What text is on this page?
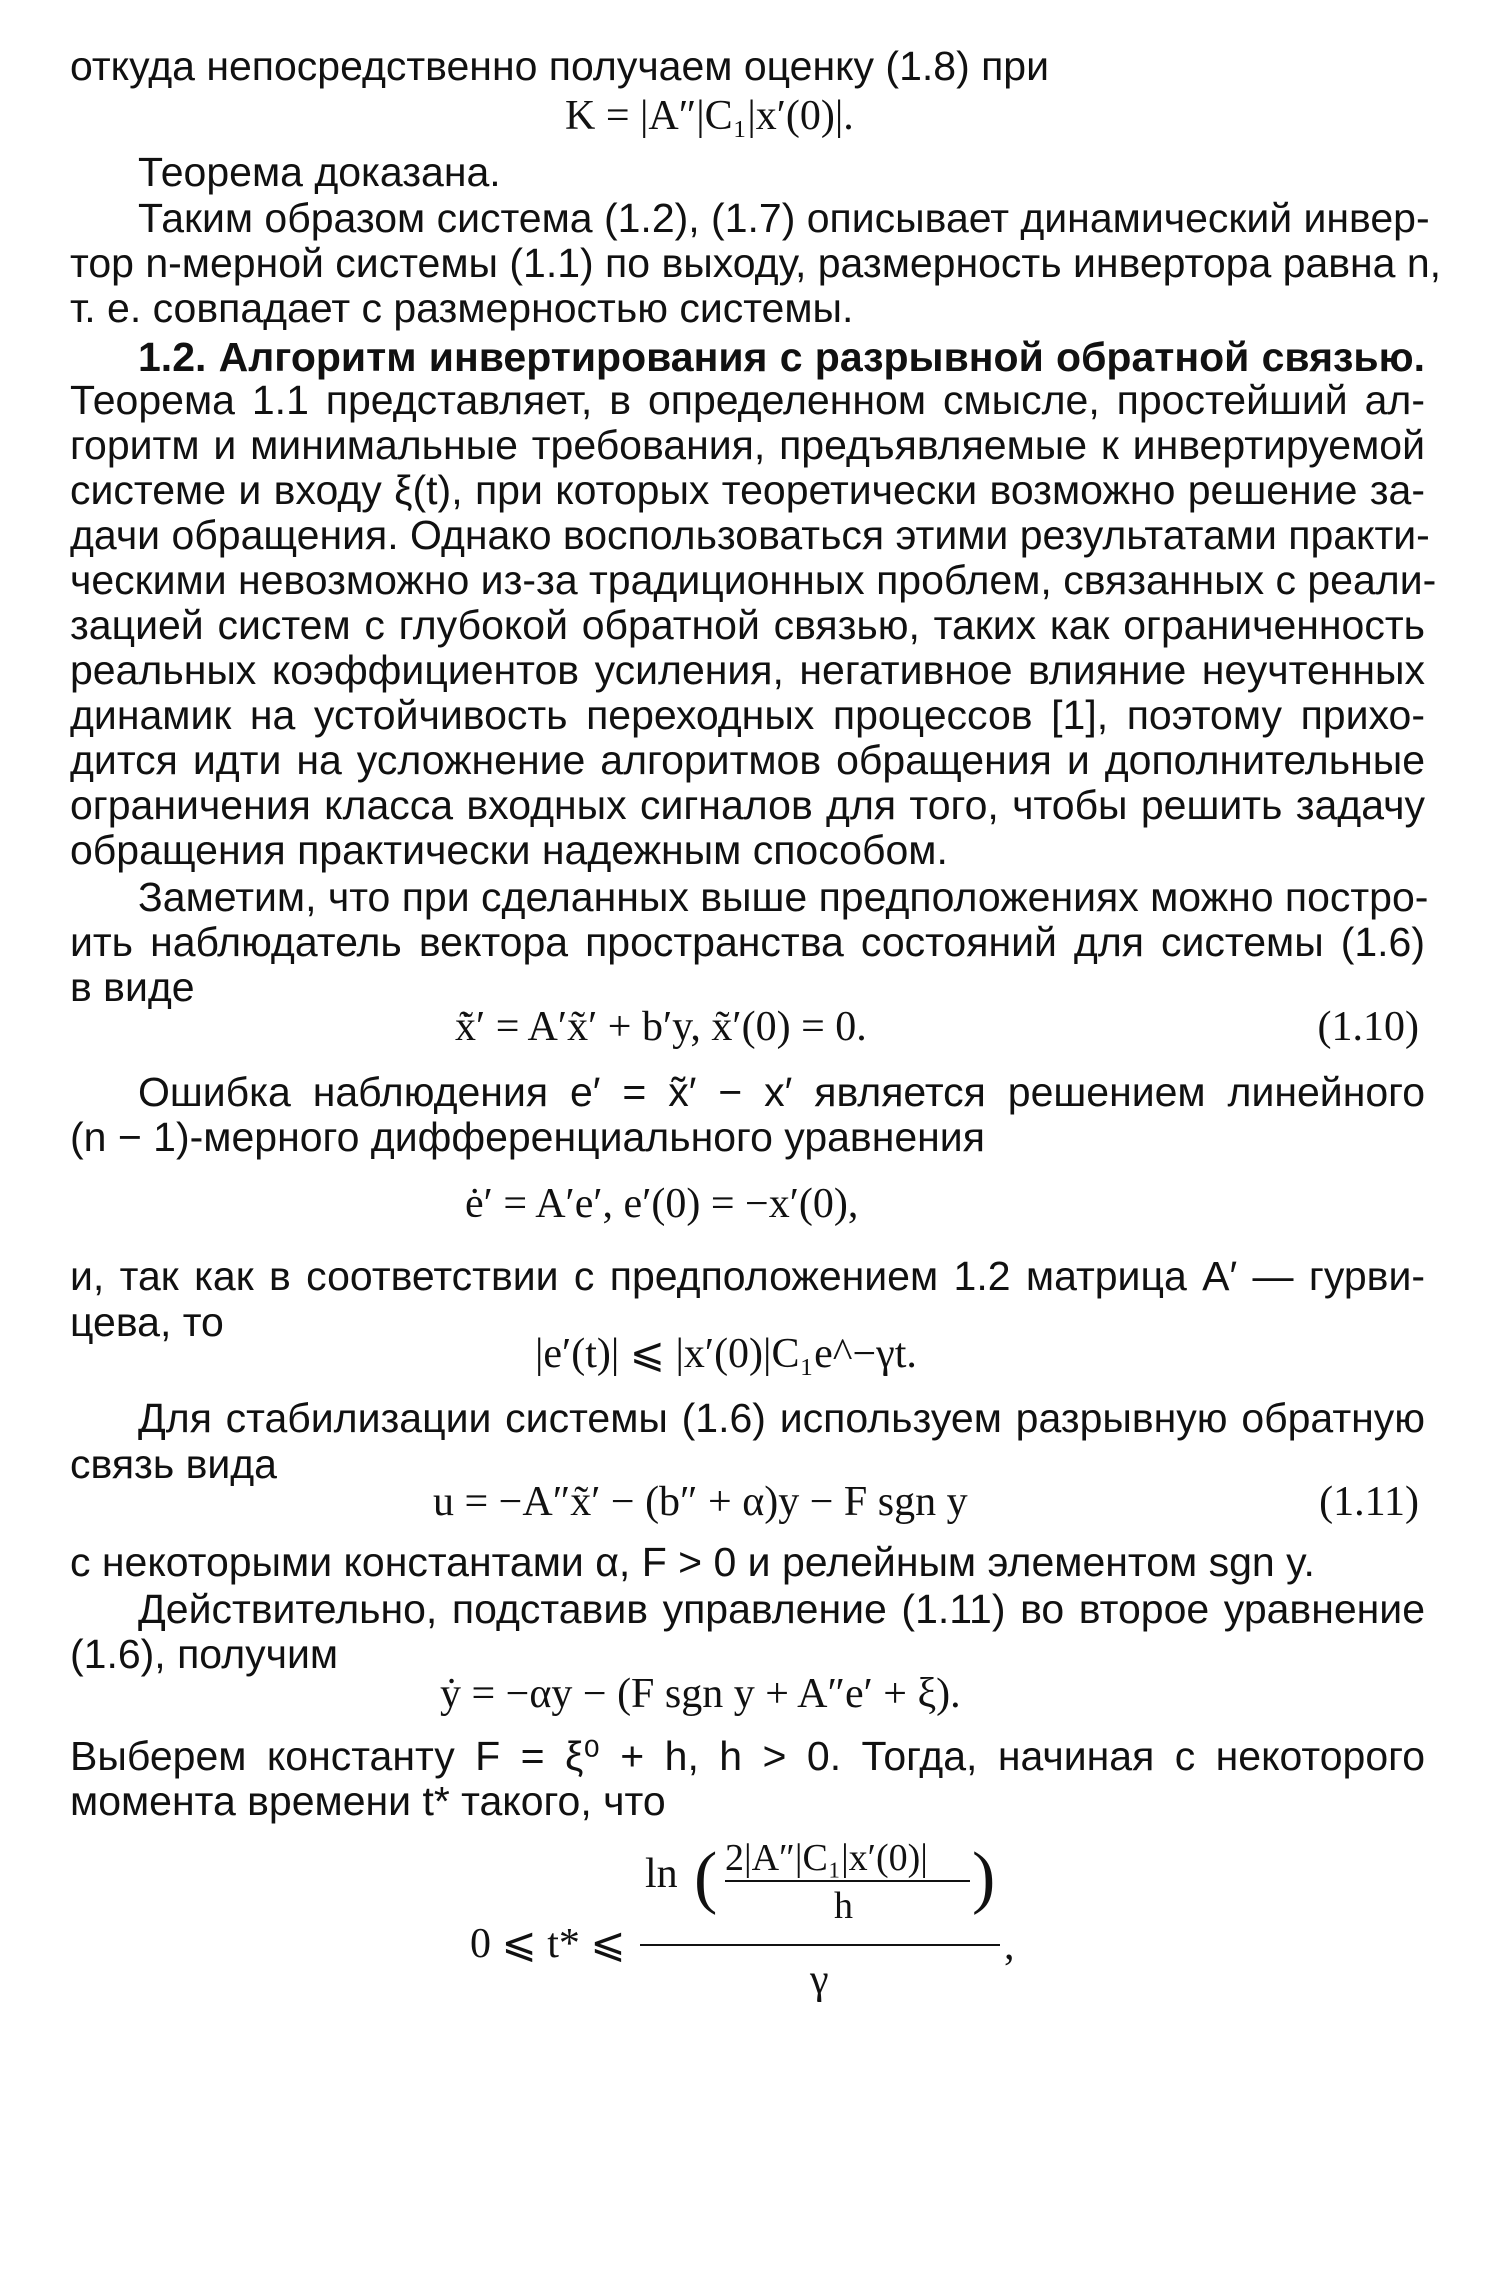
откуда непосредственно получаем оценку (1.8) при
K = |A″|C₁|x′(0)|.
Теорема доказана.
Таким образом система (1.2), (1.7) описывает динамический инвер-
тор n-мерной системы (1.1) по выходу, размерность инвертора равна n,
т. е. совпадает с размерностью системы.
1.2. Алгоритм инвертирования с разрывной обратной связью.
Теорема 1.1 представляет, в определенном смысле, простейший ал-
горитм и минимальные требования, предъявляемые к инвертируемой
системе и входу ξ(t), при которых теоретически возможно решение за-
дачи обращения. Однако воспользоваться этими результатами практи-
ческими невозможно из-за традиционных проблем, связанных с реали-
зацией систем с глубокой обратной связью, таких как ограниченность
реальных коэффициентов усиления, негативное влияние неучтенных
динамик на устойчивость переходных процессов [1], поэтому прихо-
дится идти на усложнение алгоритмов обращения и дополнительные
ограничения класса входных сигналов для того, чтобы решить задачу
обращения практически надежным способом.
Заметим, что при сделанных выше предположениях можно постро-
ить наблюдатель вектора пространства состояний для системы (1.6)
в виде
x̃̇′ = A′x̃′ + b′y, x̃′(0) = 0.	(1.10)
Ошибка наблюдения e′ = x̃′ − x′ является решением линейного
(n − 1)-мерного дифференциального уравнения
ė′ = A′e′, e′(0) = −x′(0),
и, так как в соответствии с предположением 1.2 матрица A′ — гурви-
цева, то
|e′(t)| ⩽ |x′(0)|C₁e^−γt.
Для стабилизации системы (1.6) используем разрывную обратную
связь вида
u = −A″x̃′ − (b″ + α)y − F sgn y	(1.11)
с некоторыми константами α, F > 0 и релейным элементом sgn y.
Действительно, подставив управление (1.11) во второе уравнение
(1.6), получим
ẏ = −αy − (F sgn y + A″e′ + ξ).
Выберем константу F = ξ⁰ + h, h > 0. Тогда, начиная с некоторого
момента времени t* такого, что
0 ⩽ t* ⩽
ln ( 2|A″|C₁|x′(0)|
h )
γ
,
